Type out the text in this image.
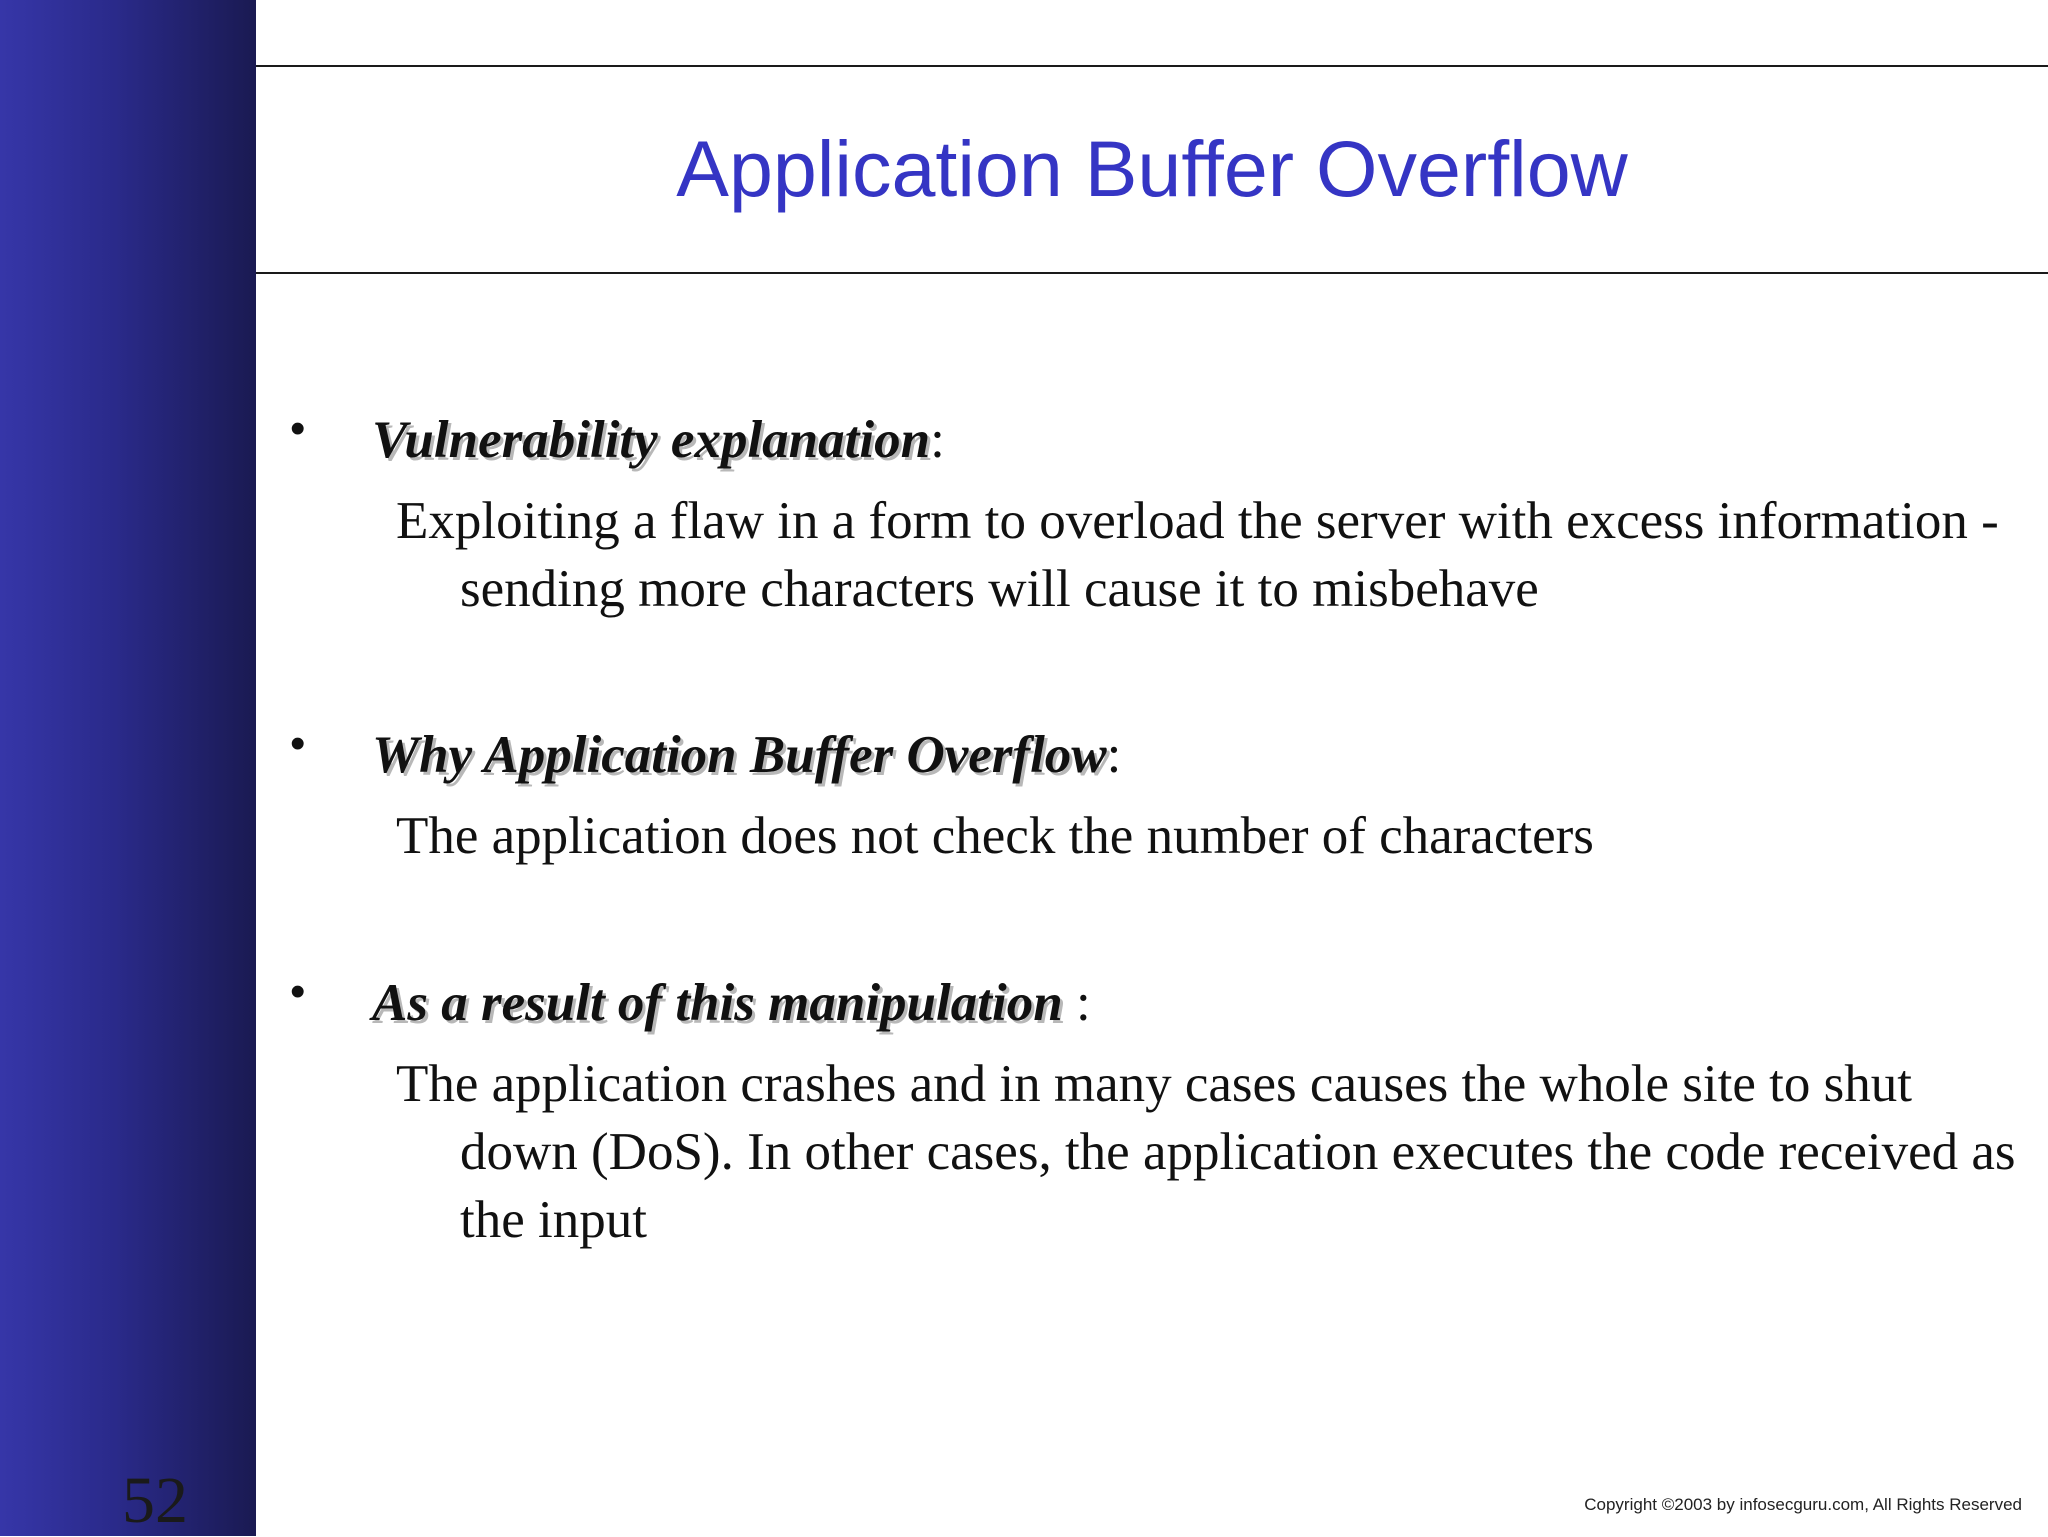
52
Application Buffer Overflow
• Vulnerability explanation:
Exploiting a flaw in a form to overload the server with excess information - sending more characters will cause it to misbehave
• Why Application Buffer Overflow:
The application does not check the number of characters
• As a result of this manipulation :
The application crashes and in many cases causes the whole site to shut down (DoS). In other cases, the application executes the code received as the input
Copyright ©2003 by infosecguru.com, All Rights Reserved
